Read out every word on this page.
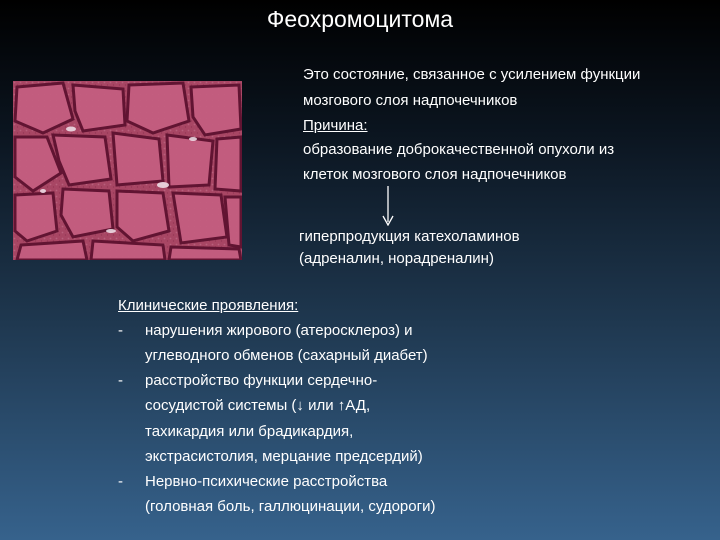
Феохромоцитома
Это состояние, связанное с усилением функции
мозгового слоя надпочечников
Причина:
образование доброкачественной опухоли из
клеток мозгового слоя надпочечников
гиперпродукция катехоламинов
(адреналин, норадреналин)
Клинические проявления:
- нарушения жирового (атеросклероз) и
углеводного обменов (сахарный диабет)
- расстройство функции сердечно-
сосудистой системы (↓ или ↑АД,
тахикардия или брадикардия,
экстрасистолия, мерцание предсердий)
- Нервно-психические расстройства
(головная боль, галлюцинации, судороги)
